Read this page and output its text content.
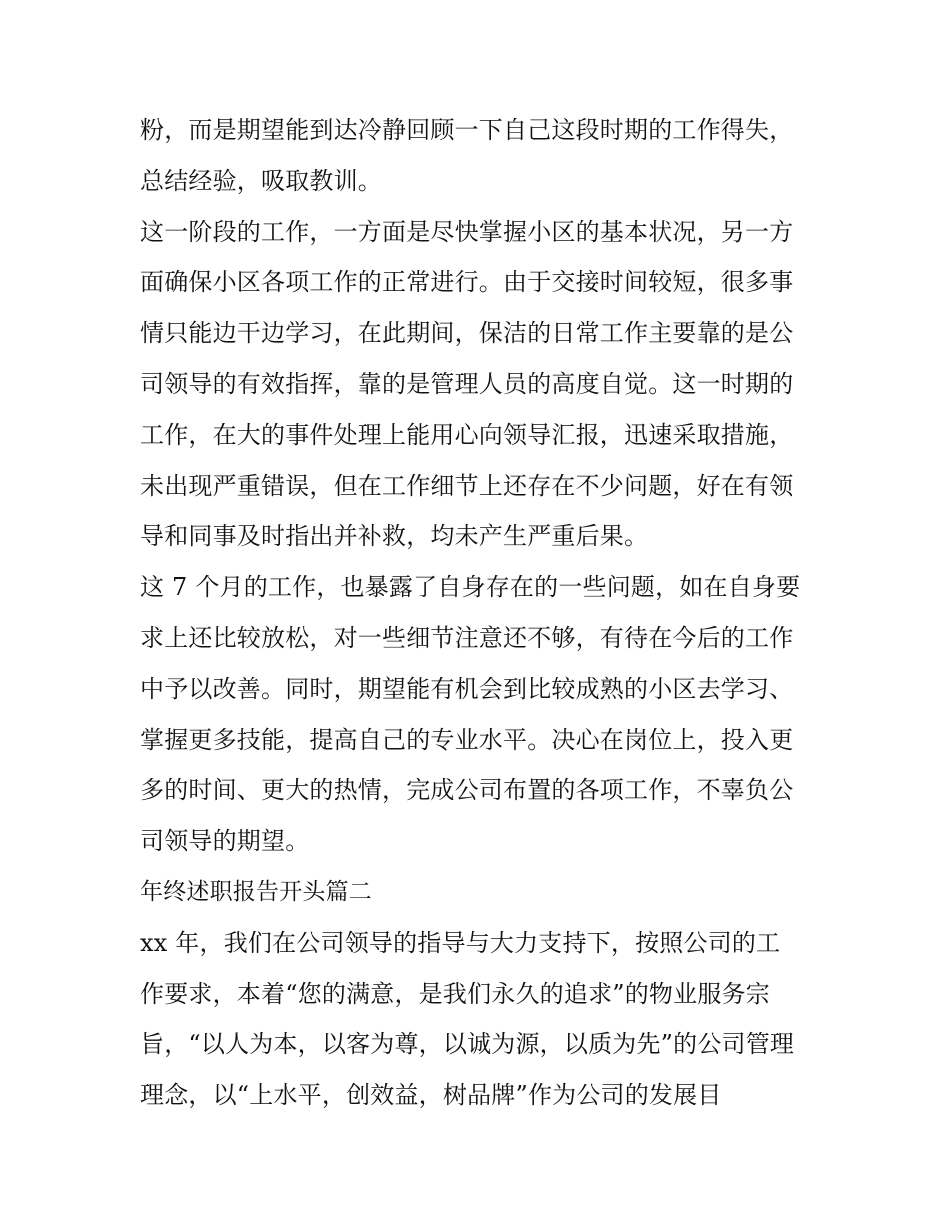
粉，而是期望能到达冷静回顾一下自己这段时期的工作得失，
总结经验，吸取教训。
这一阶段的工作，一方面是尽快掌握小区的基本状况，另一方
面确保小区各项工作的正常进行。由于交接时间较短，很多事
情只能边干边学习，在此期间，保洁的日常工作主要靠的是公
司领导的有效指挥，靠的是管理人员的高度自觉。这一时期的
工作，在大的事件处理上能用心向领导汇报，迅速采取措施，
未出现严重错误，但在工作细节上还存在不少问题，好在有领
导和同事及时指出并补救，均未产生严重后果。
这 7 个月的工作，也暴露了自身存在的一些问题，如在自身要
求上还比较放松，对一些细节注意还不够，有待在今后的工作
中予以改善。同时，期望能有机会到比较成熟的小区去学习、
掌握更多技能，提高自己的专业水平。决心在岗位上，投入更
多的时间、更大的热情，完成公司布置的各项工作，不辜负公
司领导的期望。
年终述职报告开头篇二
xx 年，我们在公司领导的指导与大力支持下，按照公司的工
作要求，本着“您的满意，是我们永久的追求”的物业服务宗
旨，“以人为本，以客为尊，以诚为源，以质为先”的公司管理
理念，以“上水平，创效益，树品牌”作为公司的发展目
